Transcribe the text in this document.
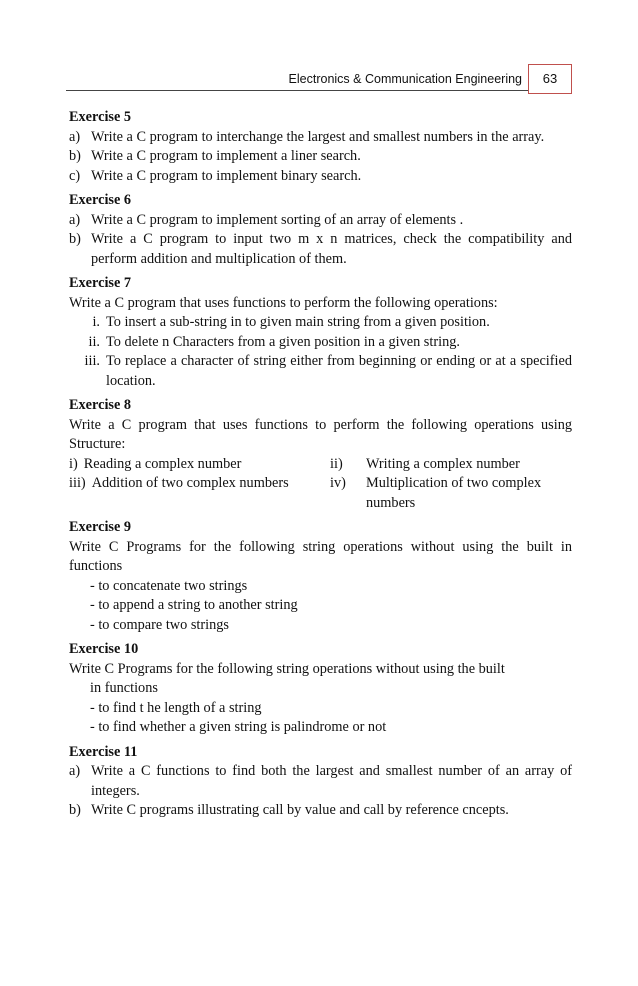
Electronics & Communication Engineering	63

Exercise 5

a) Write a C program to interchange the largest and smallest numbers in the array.
b) Write a C program to implement a liner search.
c) Write a C program to implement binary search.

Exercise 6

a) Write a C program to implement sorting of an array of elements .
b) Write a C program to input two m x n matrices, check the compatibility and perform addition and multiplication of them.

Exercise 7

Write a C program that uses functions to perform the following operations:

i. To insert a sub-string in to given main string from a given position.
ii. To delete n Characters from a given position in a given string.
iii. To replace a character of string either from beginning or ending or at a specified location.

Exercise 8

Write a C program that uses functions to perform the following operations using Structure:

i) Reading a complex number	ii)	Writing a complex number
iii) Addition of two complex numbers	iv)	Multiplication of two complex numbers

Exercise 9

Write C Programs for the following string operations without using the built in functions

- to concatenate two strings
- to append a string to another string
- to compare two strings

Exercise 10

Write C Programs for the following string operations without using the built

in functions
- to find t he length of a string
- to find whether a given string is palindrome or not

Exercise 11

a) Write a C functions to find both the largest and smallest number of an array of integers.
b) Write C programs illustrating call by value and call by reference cncepts.
